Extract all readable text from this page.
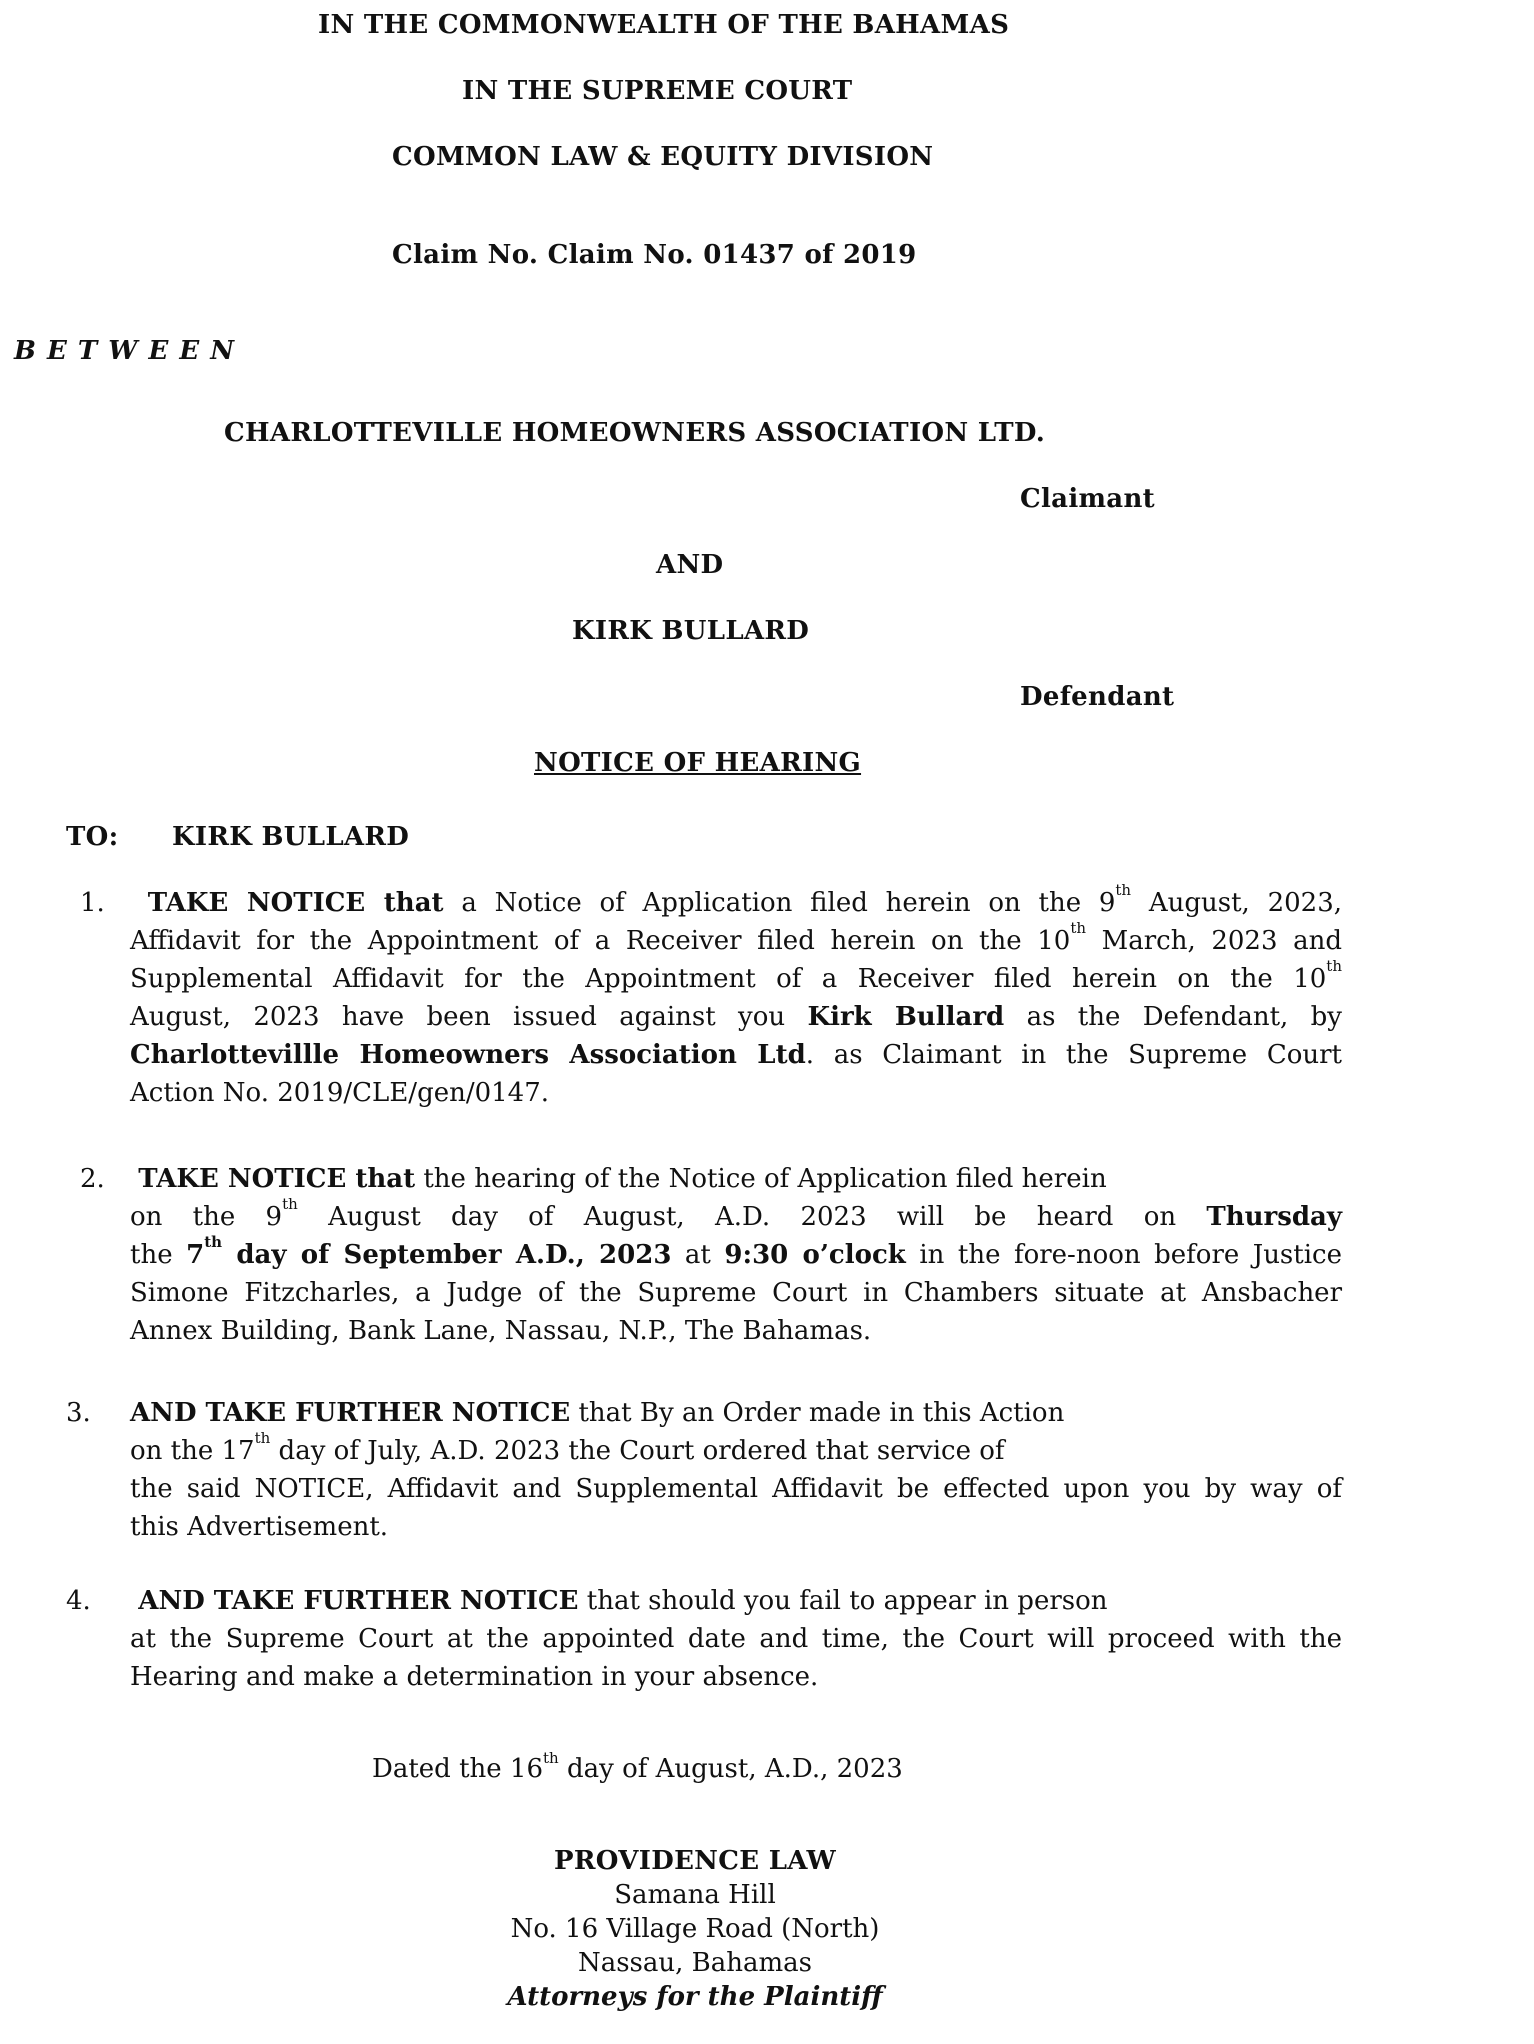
IN THE COMMONWEALTH OF THE BAHAMAS
IN THE SUPREME COURT
COMMON LAW & EQUITY DIVISION
Claim No. Claim No. 01437 of 2019
B E T W E E N
CHARLOTTEVILLE HOMEOWNERS ASSOCIATION LTD.
Claimant
AND
KIRK BULLARD
Defendant
NOTICE OF HEARING
TO: KIRK BULLARD
1.	TAKE NOTICE that a Notice of Application filed herein on the 9th August, 2023,
Affidavit for the Appointment of a Receiver filed herein on the 10th March, 2023 and
Supplemental Affidavit for the Appointment of a Receiver filed herein on the 10th
August, 2023 have been issued against you Kirk Bullard as the Defendant, by
Charlottevillle Homeowners Association Ltd. as Claimant in the Supreme Court
Action No. 2019/CLE/gen/0147.
2.	TAKE NOTICE that the hearing of the Notice of Application filed herein
on the 9th August day of August, A.D. 2023 will be heard on Thursday
the 7th day of September A.D., 2023 at 9:30 o’clock in the fore-noon before Justice
Simone Fitzcharles, a Judge of the Supreme Court in Chambers situate at Ansbacher
Annex Building, Bank Lane, Nassau, N.P., The Bahamas.
3. AND TAKE FURTHER NOTICE that By an Order made in this Action
on the 17th day of July, A.D. 2023 the Court ordered that service of
the said NOTICE, Affidavit and Supplemental Affidavit be effected upon you by way of
this Advertisement.
4.	AND TAKE FURTHER NOTICE that should you fail to appear in person
at the Supreme Court at the appointed date and time, the Court will proceed with the
Hearing and make a determination in your absence.
Dated the 16th day of August, A.D., 2023
PROVIDENCE LAW
Samana Hill
No. 16 Village Road (North)
Nassau, Bahamas
Attorneys for the Plaintiff
